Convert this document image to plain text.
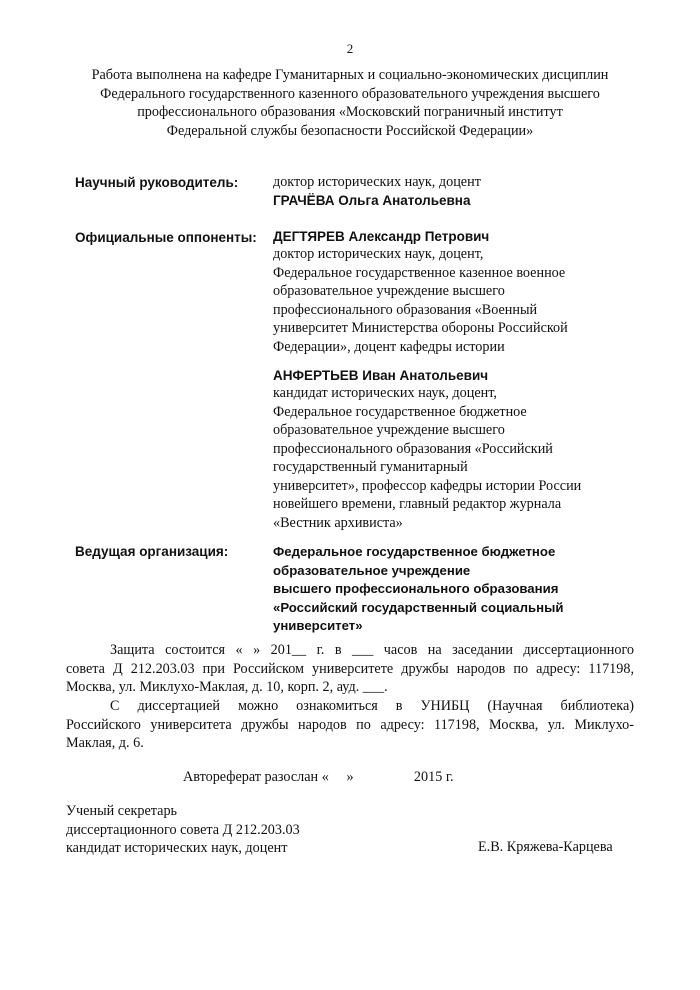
2
Работа выполнена на кафедре Гуманитарных и социально-экономических дисциплин
Федерального государственного казенного образовательного учреждения высшего
профессионального образования «Московский пограничный институт
Федеральной службы безопасности Российской Федерации»
Научный руководитель: доктор исторических наук, доцент
ГРАЧЁВА Ольга Анатольевна
Официальные оппоненты: ДЕГТЯРЕВ Александр Петрович
доктор исторических наук, доцент,
Федеральное государственное казенное военное
образовательное учреждение высшего
профессионального образования «Военный
университет Министерства обороны Российской
Федерации», доцент кафедры истории
АНФЕРТЬЕВ Иван Анатольевич
кандидат исторических наук, доцент,
Федеральное государственное бюджетное
образовательное учреждение высшего
профессионального образования «Российский
государственный гуманитарный
университет», профессор кафедры истории России
новейшего времени, главный редактор журнала
«Вестник архивиста»
Ведущая организация:	Федеральное государственное бюджетное
образовательное учреждение
высшего профессионального образования
«Российский государственный социальный
университет»
Защита состоится « » 201__ г. в ___ часов на заседании диссертационного
совета Д 212.203.03 при Российском университете дружбы народов по адресу: 117198,
Москва, ул. Миклухо-Маклая, д. 10, корп. 2, ауд. ___.
С диссертацией можно ознакомиться в УНИБЦ (Научная библиотека)
Российского университета дружбы народов по адресу: 117198, Москва, ул. Миклухо-
Маклая, д. 6.
Автореферат разослан «     »                 2015 г.
Ученый секретарь
диссертационного совета Д 212.203.03
кандидат исторических наук, доцент	Е.В. Кряжева-Карцева
